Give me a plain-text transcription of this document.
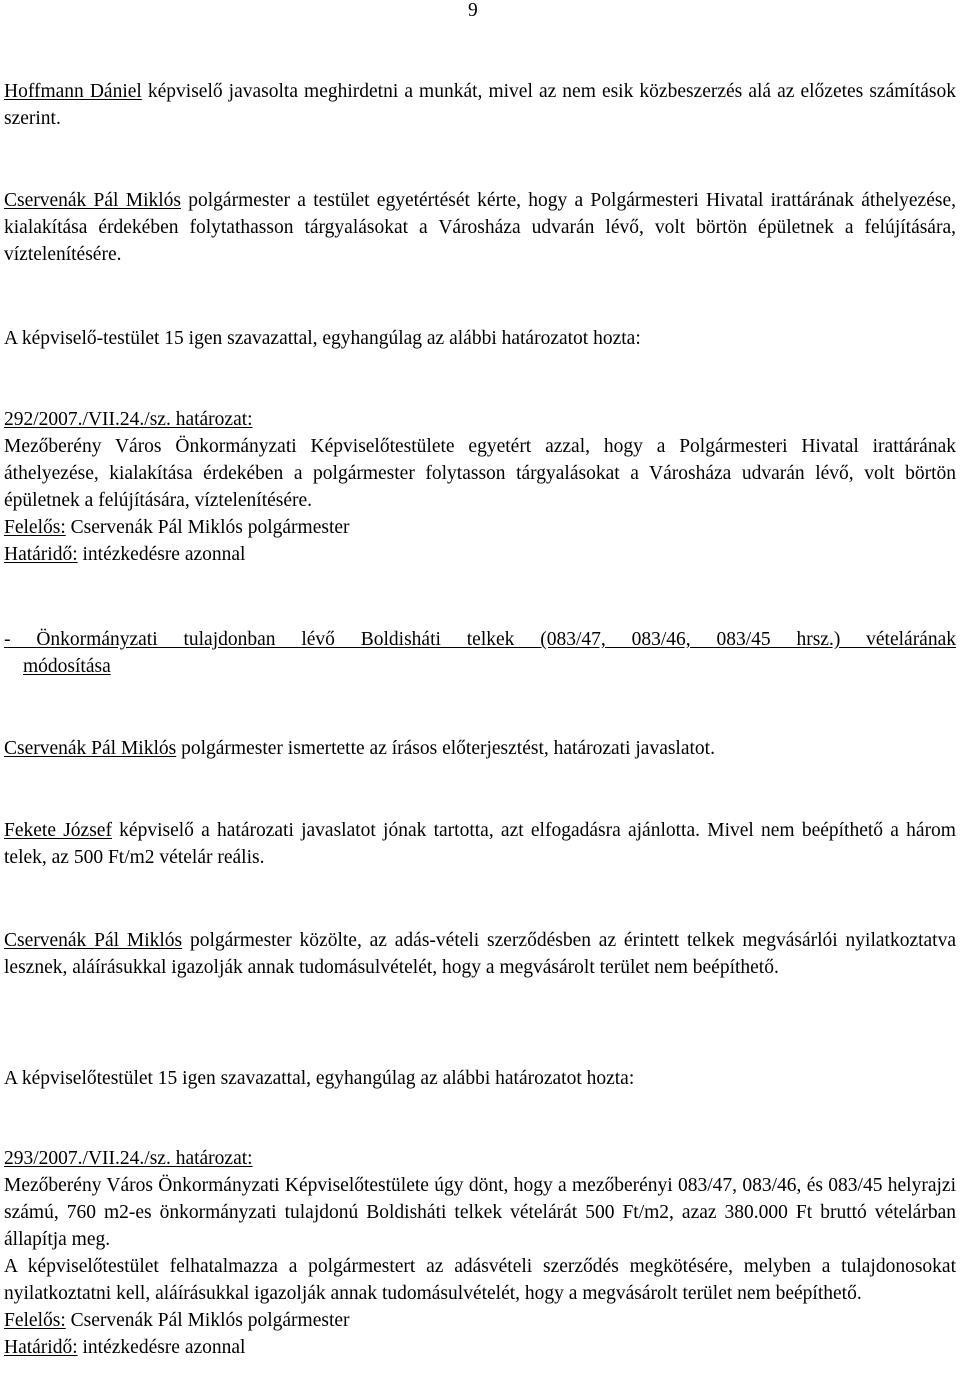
9

Hoffmann Dániel képviselő javasolta meghirdetni a munkát, mivel az nem esik közbeszerzés alá az előzetes számítások szerint.

Cservenák Pál Miklós polgármester a testület egyetértését kérte, hogy a Polgármesteri Hivatal irattárának áthelyezése, kialakítása érdekében folytathasson tárgyalásokat a Városháza udvarán lévő, volt börtön épületnek a felújítására, víztelenítésére.

A képviselő-testület 15 igen szavazattal, egyhangúlag az alábbi határozatot hozta:

292/2007./VII.24./sz. határozat:
Mezőberény Város Önkormányzati Képviselőtestülete egyetért azzal, hogy a Polgármesteri Hivatal irattárának áthelyezése, kialakítása érdekében a polgármester folytasson tárgyalásokat a Városháza udvarán lévő, volt börtön épületnek a felújítására, víztelenítésére.
Felelős: Cservenák Pál Miklós polgármester
Határidő: intézkedésre azonnal
- Önkormányzati tulajdonban lévő Boldisháti telkek (083/47, 083/46, 083/45 hrsz.) vételárának
módosítása

Cservenák Pál Miklós polgármester ismertette az írásos előterjesztést, határozati javaslatot.

Fekete József képviselő a határozati javaslatot jónak tartotta, azt elfogadásra ajánlotta. Mivel nem beépíthető a három telek, az 500 Ft/m2 vételár reális.

Cservenák Pál Miklós polgármester közölte, az adás-vételi szerződésben az érintett telkek megvásárlói nyilatkoztatva lesznek, aláírásukkal igazolják annak tudomásulvételét, hogy a megvásárolt terület nem beépíthető.

A képviselőtestület 15 igen szavazattal, egyhangúlag az alábbi határozatot hozta:

293/2007./VII.24./sz. határozat:
Mezőberény Város Önkormányzati Képviselőtestülete úgy dönt, hogy a mezőberényi 083/47, 083/46, és 083/45 helyrajzi számú, 760 m2-es önkormányzati tulajdonú Boldisháti telkek vételárát 500 Ft/m2, azaz 380.000 Ft bruttó vételárban állapítja meg.
A képviselőtestület felhatalmazza a polgármestert az adásvételi szerződés megkötésére, melyben a tulajdonosokat nyilatkoztatni kell, aláírásukkal igazolják annak tudomásulvételét, hogy a megvásárolt terület nem beépíthető.
Felelős: Cservenák Pál Miklós polgármester
Határidő: intézkedésre azonnal
